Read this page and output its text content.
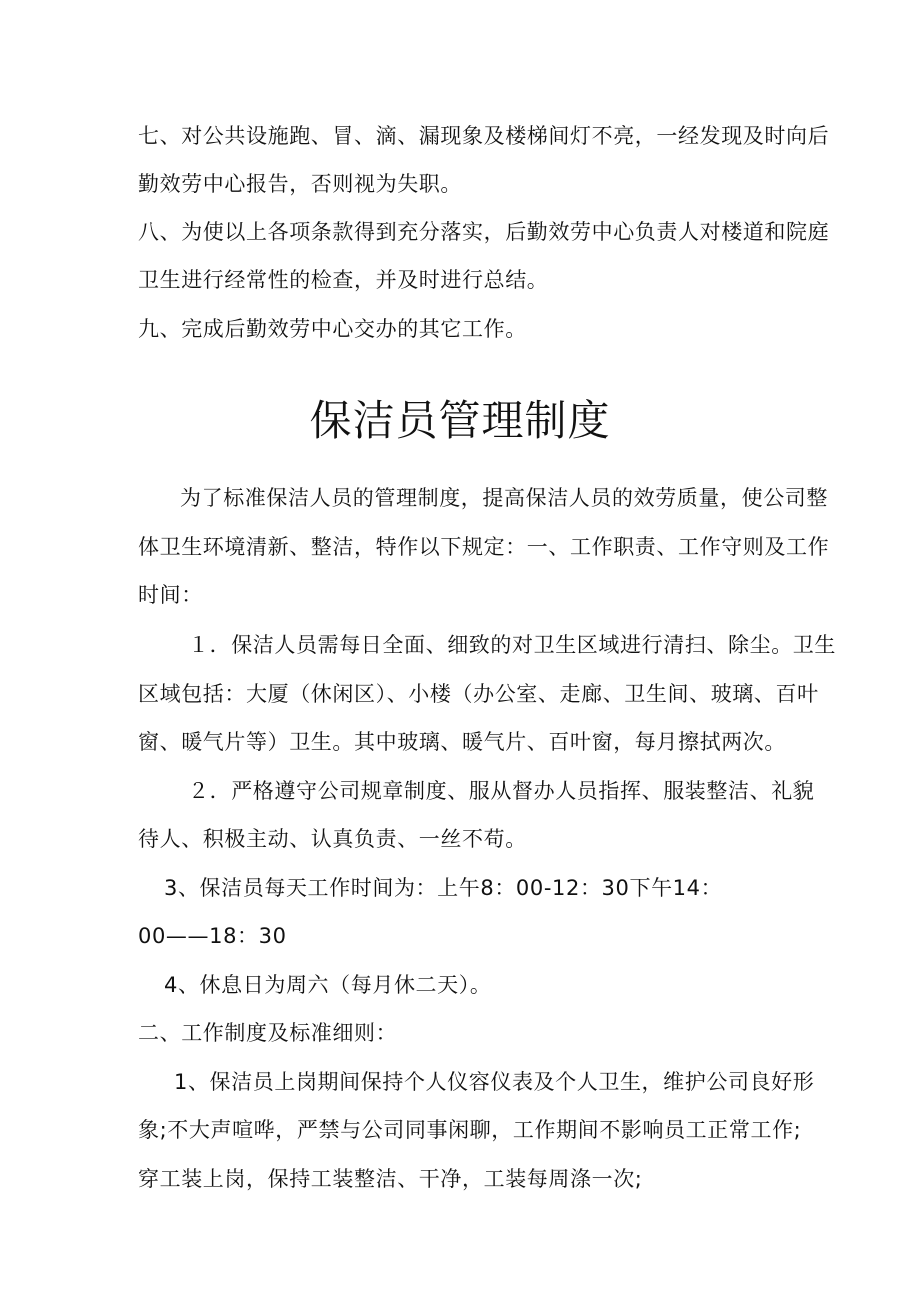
七、对公共设施跑、冒、滴、漏现象及楼梯间灯不亮，一经发现及时向后
勤效劳中心报告，否则视为失职。
八、为使以上各项条款得到充分落实，后勤效劳中心负责人对楼道和院庭
卫生进行经常性的检查，并及时进行总结。
九、完成后勤效劳中心交办的其它工作。
保洁员管理制度
为了标准保洁人员的管理制度，提高保洁人员的效劳质量，使公司整
体卫生环境清新、整洁，特作以下规定：一、工作职责、工作守则及工作
时间：
１．保洁人员需每日全面、细致的对卫生区域进行清扫、除尘。卫生
区域包括：大厦（休闲区）、小楼（办公室、走廊、卫生间、玻璃、百叶
窗、暖气片等）卫生。其中玻璃、暖气片、百叶窗，每月擦拭两次。
２．严格遵守公司规章制度、服从督办人员指挥、服装整洁、礼貌
待人、积极主动、认真负责、一丝不苟。
3、保洁员每天工作时间为：上午8：00-12：30下午14：
00——18：30
4、休息日为周六（每月休二天）。
二、工作制度及标准细则：
1、保洁员上岗期间保持个人仪容仪表及个人卫生，维护公司良好形
象;不大声喧哗，严禁与公司同事闲聊，工作期间不影响员工正常工作;
穿工装上岗，保持工装整洁、干净，工装每周涤一次;
